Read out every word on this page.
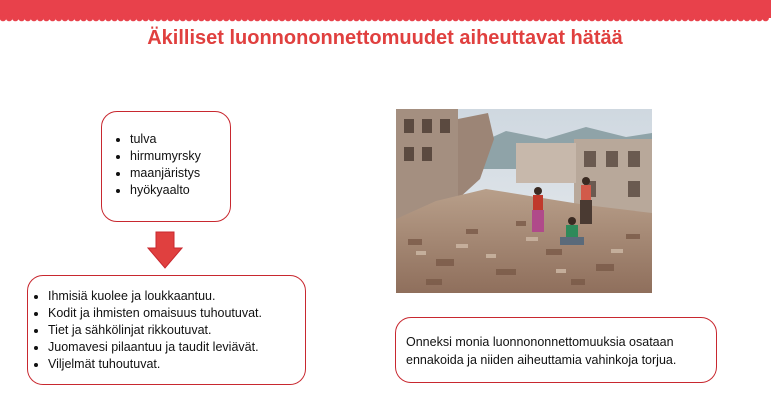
Äkilliset luonnononnettomuudet aiheuttavat hätää
• tulva
• hirmumyrsky
• maanjäristys
• hyökyaalto
• Ihmisiä kuolee ja loukkaantuu.
• Kodit ja ihmisten omaisuus tuhoutuvat.
• Tiet ja sähkölinjat rikkoutuvat.
• Juomavesi pilaantuu ja taudit leviävät.
• Viljelmät tuhoutuvat.
Onneksi monia luonnononnettomuuksia osataan ennakoida ja niiden aiheuttamia vahinkoja torjua.
